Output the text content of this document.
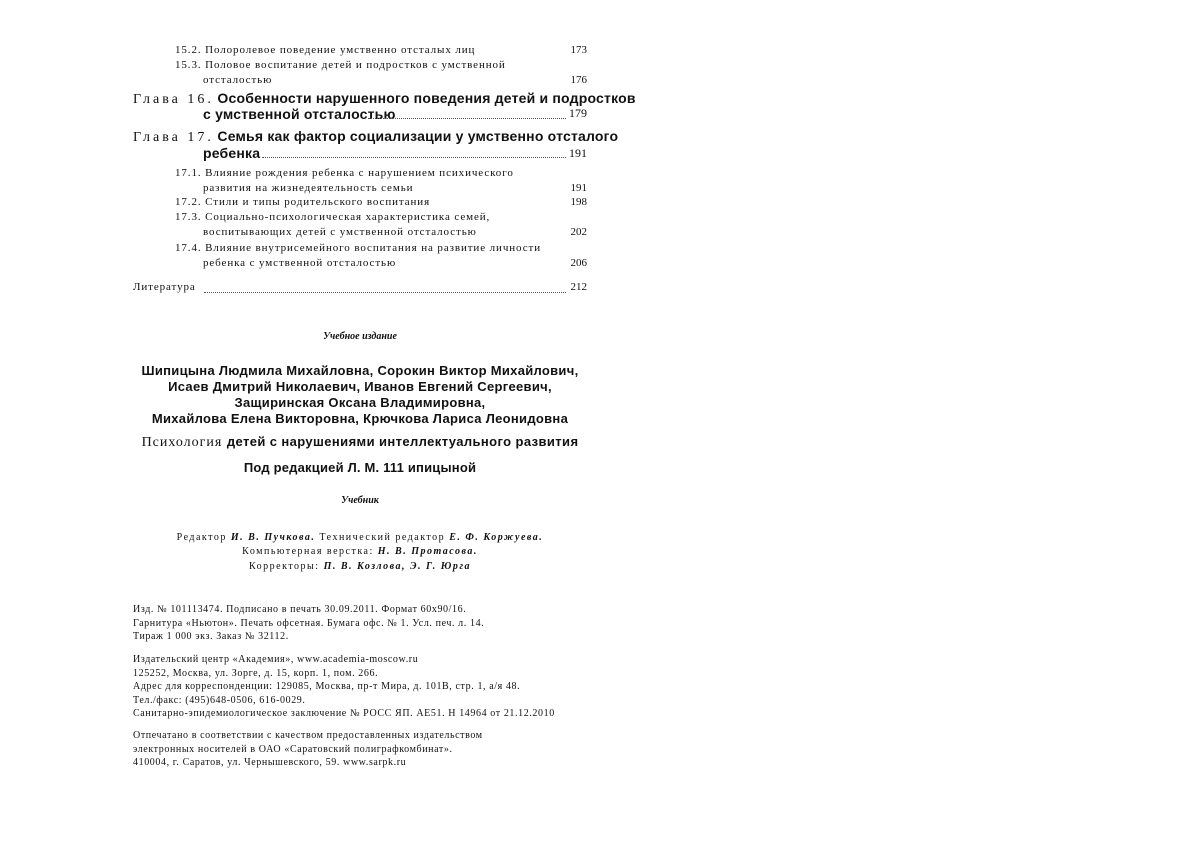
15.2. Полоролевое поведение умственно отсталых лиц	173
15.3. Половое воспитание детей и подростков с умственной
отсталостью	176
Глава 16. Особенности нарушенного поведения детей и подростков
с умственной отсталостью	179
Глава 17. Семья как фактор социализации у умственно отсталого
ребенка	191
17.1. Влияние рождения ребенка с нарушением психического
развития на жизнедеятельность семьи	191
17.2. Стили и типы родительского воспитания	198
17.3. Социально-психологическая характеристика семей,
воспитывающих детей с умственной отсталостью	202
17.4. Влияние внутрисемейного воспитания на развитие личности
ребенка с умственной отсталостью	206
Литература	212
Учебное издание
Шипицына Людмила Михайловна, Сорокин Виктор Михайлович,
Исаев Дмитрий Николаевич, Иванов Евгений Сергеевич,
Защиринская Оксана Владимировна,
Михайлова Елена Викторовна, Крючкова Лариса Леонидовна
Психология детей с нарушениями интеллектуального развития
Под редакцией Л. М. 111 ипицыной
Учебник
Редактор И. В. Пучкова. Технический редактор Е. Ф. Коржуева.
Компьютерная верстка: Н. В. Протасова.
Корректоры: П. В. Козлова, Э. Г. Юрга
Изд. № 101113474. Подписано в печать 30.09.2011. Формат 60х90/16.
Гарнитура «Ньютон». Печать офсетная. Бумага офс. № 1. Усл. печ. л. 14.
Тираж 1 000 экз. Заказ № 32112.
Издательский центр «Академия», www.academia-moscow.ru
125252, Москва, ул. Зорге, д. 15, корп. 1, пом. 266.
Адрес для корреспонденции: 129085, Москва, пр-т Мира, д. 101В, стр. 1, а/я 48.
Тел./факс: (495)648-0506, 616-0029.
Санитарно-эпидемиологическое заключение № РОСС ЯП. АЕ51. Н 14964 от 21.12.2010
Отпечатано в соответствии с качеством предоставленных издательством
электронных носителей в ОАО «Саратовский полиграфкомбинат».
410004, г. Саратов, ул. Чернышевского, 59. www.sarpk.ru
